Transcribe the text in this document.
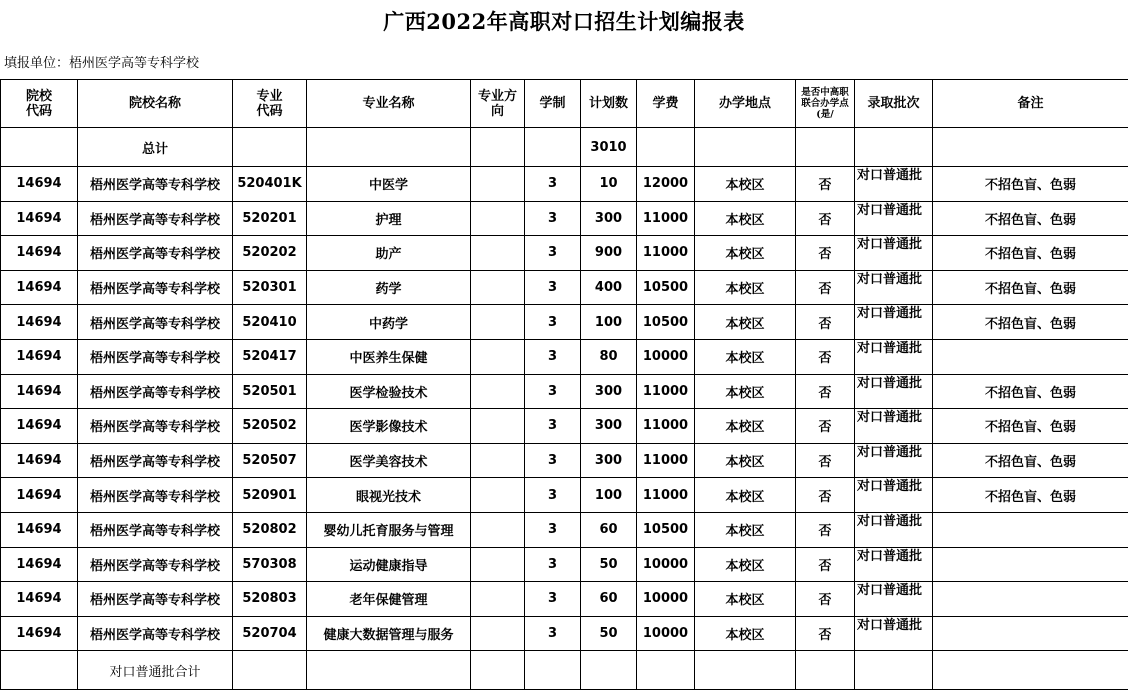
广西2022年高职对口招生计划编报表
填报单位：梧州医学高等专科学校
院校代码	院校名称	专业代码	专业名称	专业方向	学制	计划数	学费	办学地点	是否中高职联合办学点(是/	录取批次	备注
	总计					3010					
14694	梧州医学高等专科学校	520401K	中医学		3	10	12000	本校区	否	对口普通批	不招色盲、色弱
14694	梧州医学高等专科学校	520201	护理		3	300	11000	本校区	否	对口普通批	不招色盲、色弱
14694	梧州医学高等专科学校	520202	助产		3	900	11000	本校区	否	对口普通批	不招色盲、色弱
14694	梧州医学高等专科学校	520301	药学		3	400	10500	本校区	否	对口普通批	不招色盲、色弱
14694	梧州医学高等专科学校	520410	中药学		3	100	10500	本校区	否	对口普通批	不招色盲、色弱
14694	梧州医学高等专科学校	520417	中医养生保健		3	80	10000	本校区	否	对口普通批	
14694	梧州医学高等专科学校	520501	医学检验技术		3	300	11000	本校区	否	对口普通批	不招色盲、色弱
14694	梧州医学高等专科学校	520502	医学影像技术		3	300	11000	本校区	否	对口普通批	不招色盲、色弱
14694	梧州医学高等专科学校	520507	医学美容技术		3	300	11000	本校区	否	对口普通批	不招色盲、色弱
14694	梧州医学高等专科学校	520901	眼视光技术		3	100	11000	本校区	否	对口普通批	不招色盲、色弱
14694	梧州医学高等专科学校	520802	婴幼儿托育服务与管理		3	60	10500	本校区	否	对口普通批	
14694	梧州医学高等专科学校	570308	运动健康指导		3	50	10000	本校区	否	对口普通批	
14694	梧州医学高等专科学校	520803	老年保健管理		3	60	10000	本校区	否	对口普通批	
14694	梧州医学高等专科学校	520704	健康大数据管理与服务		3	50	10000	本校区	否	对口普通批	
	对口普通批合计										
